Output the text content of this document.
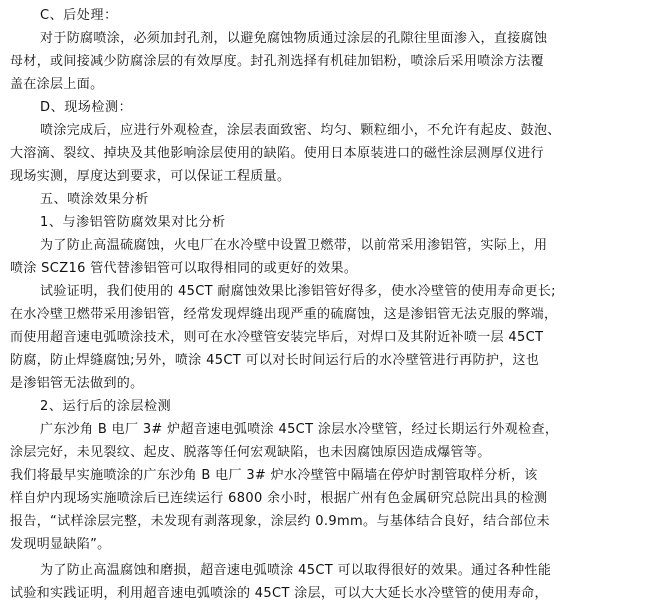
C、后处理：
对于防腐喷涂，必须加封孔剂，以避免腐蚀物质通过涂层的孔隙往里面渗入，直接腐蚀
母材，或间接减少防腐涂层的有效厚度。封孔剂选择有机硅加铝粉，喷涂后采用喷涂方法覆
盖在涂层上面。
D、现场检测：
喷涂完成后，应进行外观检查，涂层表面致密、均匀、颗粒细小，不允许有起皮、鼓泡、
大溶滴、裂纹、掉块及其他影响涂层使用的缺陷。使用日本原装进口的磁性涂层测厚仪进行
现场实测，厚度达到要求，可以保证工程质量。
五、喷涂效果分析
1、与渗铝管防腐效果对比分析
为了防止高温硫腐蚀，火电厂在水冷壁中设置卫燃带，以前常采用渗铝管，实际上，用
喷涂 SCZ16 管代替渗铝管可以取得相同的或更好的效果。
试验证明，我们使用的 45CT 耐腐蚀效果比渗铝管好得多，使水冷壁管的使用寿命更长;
在水冷壁卫燃带采用渗铝管，经常发现焊缝出现严重的硫腐蚀，这是渗铝管无法克服的弊端，
而使用超音速电弧喷涂技术，则可在水冷壁管安装完毕后，对焊口及其附近补喷一层 45CT
防腐，防止焊缝腐蚀;另外，喷涂 45CT 可以对长时间运行后的水冷壁管进行再防护，这也
是渗铝管无法做到的。
2、运行后的涂层检测
广东沙角 B 电厂 3# 炉超音速电弧喷涂 45CT 涂层水冷壁管，经过长期运行外观检查，
涂层完好，未见裂纹、起皮、脱落等任何宏观缺陷，也未因腐蚀原因造成爆管等。
我们将最早实施喷涂的广东沙角 B 电厂 3# 炉水冷壁管中隔墙在停炉时割管取样分析，该
样自炉内现场实施喷涂后已连续运行 6800 余小时，根据广州有色金属研究总院出具的检测
报告，“试样涂层完整，未发现有剥落现象，涂层约 0.9mm。与基体结合良好，结合部位未
发现明显缺陷”。
为了防止高温腐蚀和磨损，超音速电弧喷涂 45CT 可以取得很好的效果。通过各种性能
试验和实践证明，利用超音速电弧喷涂的 45CT 涂层，可以大大延长水冷壁管的使用寿命，
